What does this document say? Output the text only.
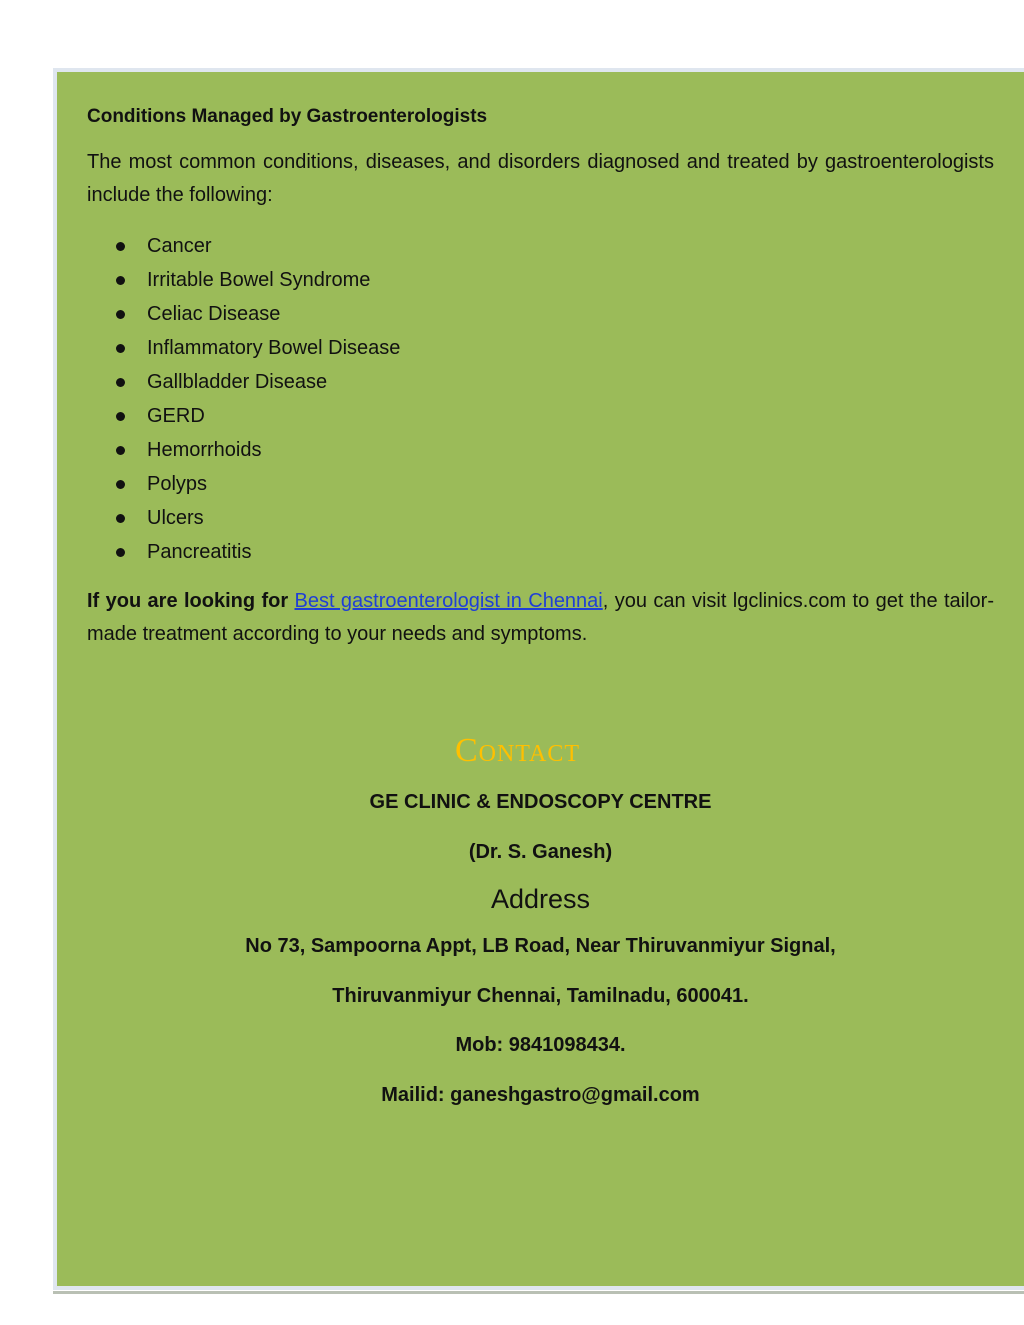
Conditions Managed by Gastroenterologists

The most common conditions, diseases, and disorders diagnosed and treated by gastroenterologists include the following:

Cancer
Irritable Bowel Syndrome
Celiac Disease
Inflammatory Bowel Disease
Gallbladder Disease
GERD
Hemorrhoids
Polyps
Ulcers
Pancreatitis

If you are looking for Best gastroenterologist in Chennai, you can visit lgclinics.com to get the tailor-made treatment according to your needs and symptoms.

Contact

GE CLINIC & ENDOSCOPY CENTRE

(Dr. S. Ganesh)

Address

No 73, Sampoorna Appt, LB Road, Near Thiruvanmiyur Signal,

Thiruvanmiyur Chennai, Tamilnadu, 600041.

Mob: 9841098434.

Mailid: ganeshgastro@gmail.com
